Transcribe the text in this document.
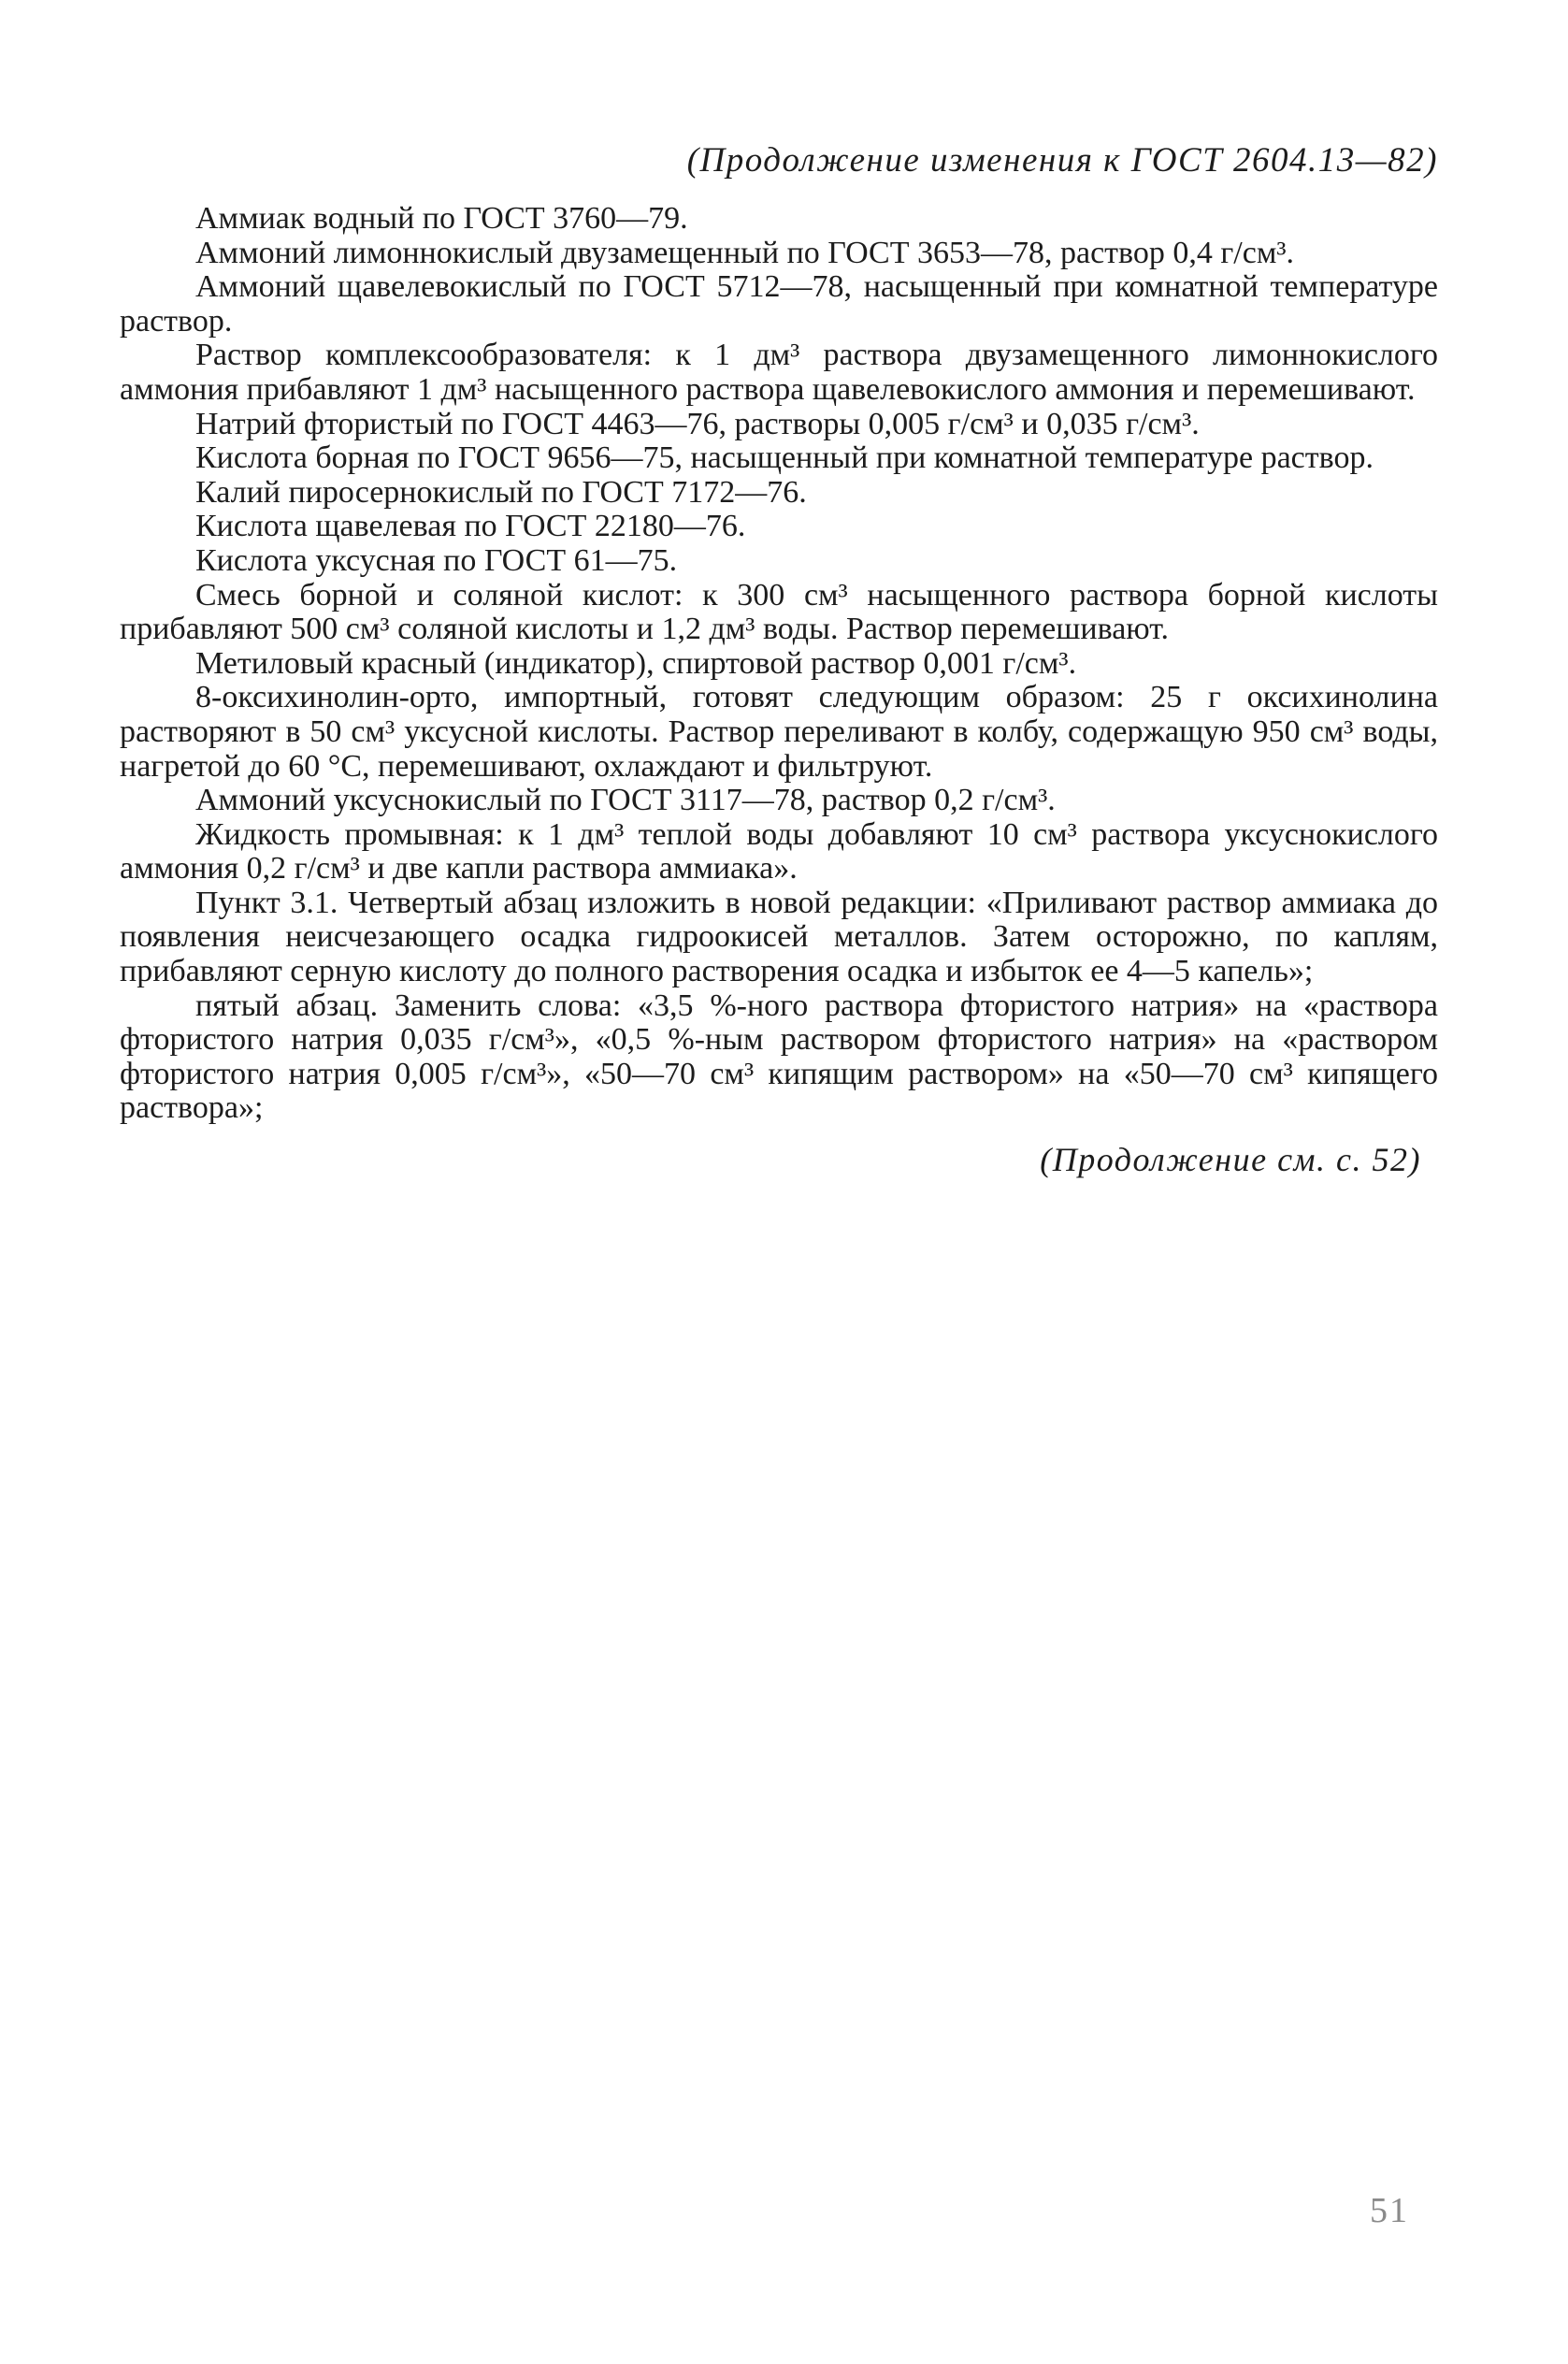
(Продолжение изменения к ГОСТ 2604.13—82)

Аммиак водный по ГОСТ 3760—79.

Аммоний лимоннокислый двузамещенный по ГОСТ 3653—78, раствор 0,4 г/см³.

Аммоний щавелевокислый по ГОСТ 5712—78, насыщенный при комнатной температуре раствор.

Раствор комплексообразователя: к 1 дм³ раствора двузамещенного лимоннокислого аммония прибавляют 1 дм³ насыщенного раствора щавелевокислого аммония и перемешивают.

Натрий фтористый по ГОСТ 4463—76, растворы 0,005 г/см³ и 0,035 г/см³.

Кислота борная по ГОСТ 9656—75, насыщенный при комнатной температуре раствор.

Калий пиросернокислый по ГОСТ 7172—76.

Кислота щавелевая по ГОСТ 22180—76.

Кислота уксусная по ГОСТ 61—75.

Смесь борной и соляной кислот: к 300 см³ насыщенного раствора борной кислоты прибавляют 500 см³ соляной кислоты и 1,2 дм³ воды. Раствор перемешивают.

Метиловый красный (индикатор), спиртовой раствор 0,001 г/см³.

8-оксихинолин-орто, импортный, готовят следующим образом: 25 г оксихинолина растворяют в 50 см³ уксусной кислоты. Раствор переливают в колбу, содержащую 950 см³ воды, нагретой до 60 °C, перемешивают, охлаждают и фильтруют.

Аммоний уксуснокислый по ГОСТ 3117—78, раствор 0,2 г/см³.

Жидкость промывная: к 1 дм³ теплой воды добавляют 10 см³ раствора уксуснокислого аммония 0,2 г/см³ и две капли раствора аммиака».

Пункт 3.1. Четвертый абзац изложить в новой редакции: «Приливают раствор аммиака до появления неисчезающего осадка гидроокисей металлов. Затем осторожно, по каплям, прибавляют серную кислоту до полного растворения осадка и избыток ее 4—5 капель»;

пятый абзац. Заменить слова: «3,5 %-ного раствора фтористого натрия» на «раствора фтористого натрия 0,035 г/см³», «0,5 %-ным раствором фтористого натрия» на «раствором фтористого натрия 0,005 г/см³», «50—70 см³ кипящим раствором» на «50—70 см³ кипящего раствора»;

(Продолжение см. с. 52)
51
